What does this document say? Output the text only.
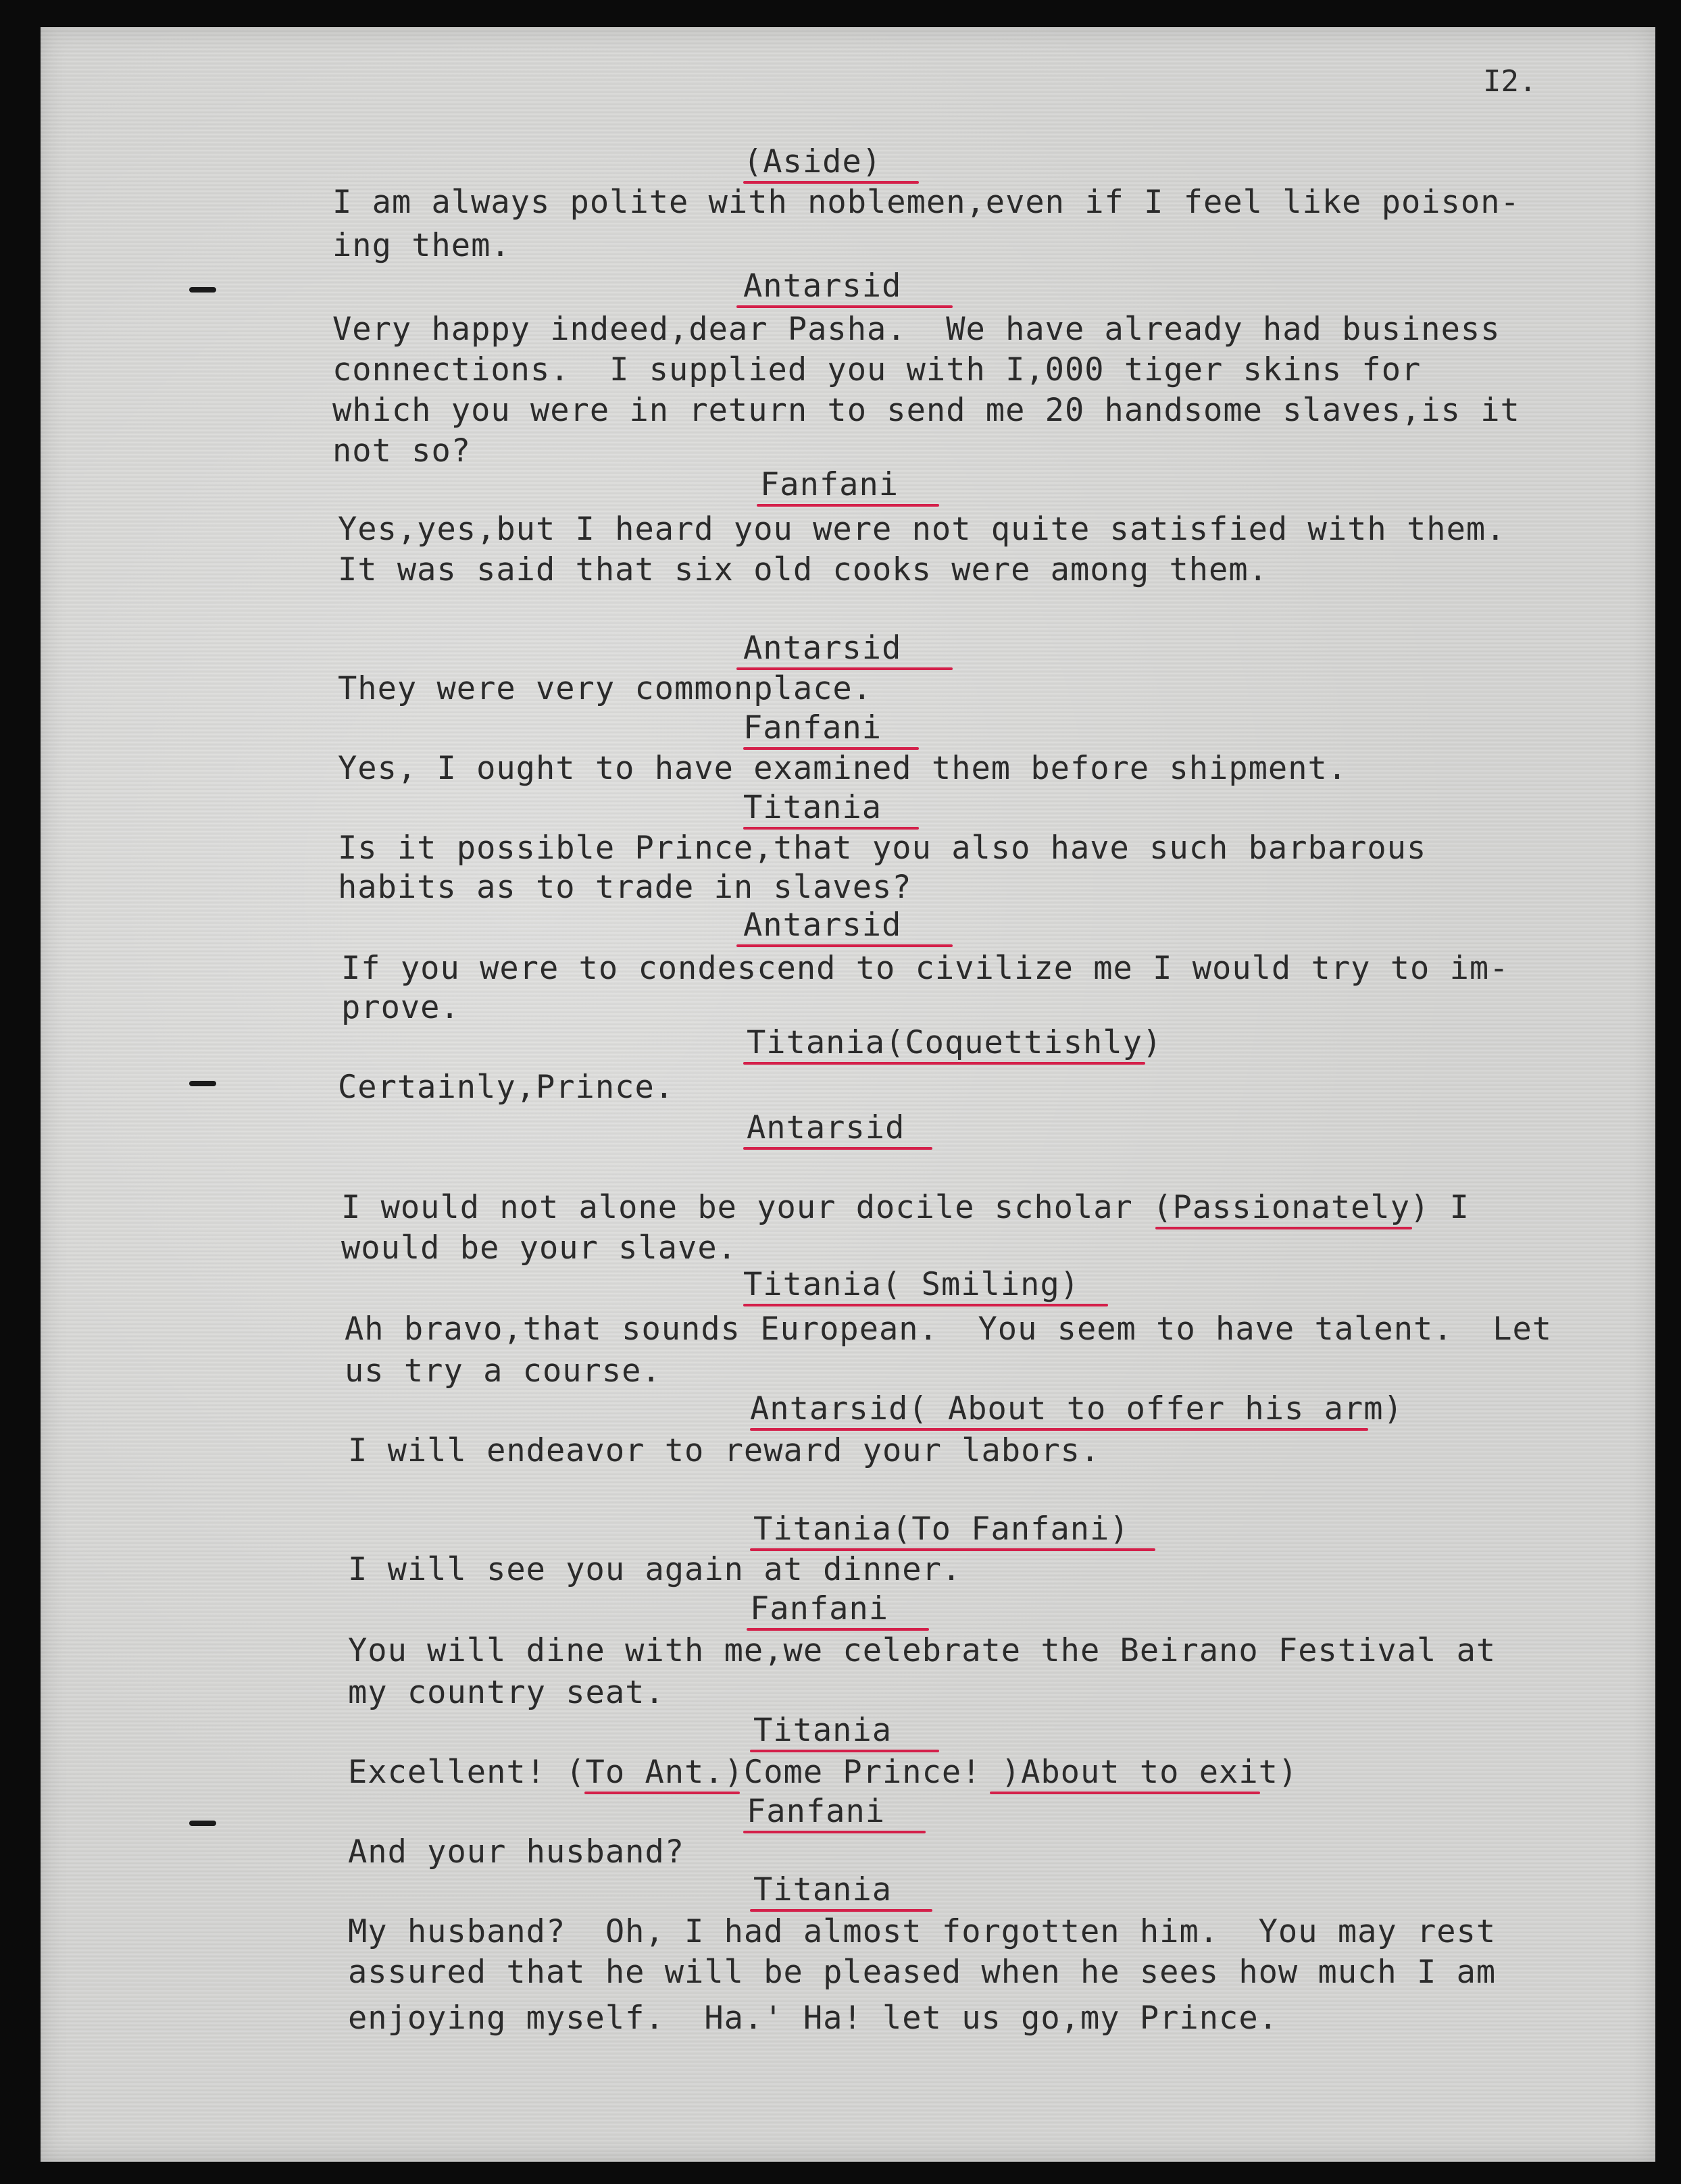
I2.
(Aside)
I am always polite with noblemen,even if I feel like poison-
ing them.
Antarsid
Very happy indeed,dear Pasha.  We have already had business
connections.  I supplied you with I,000 tiger skins for
which you were in return to send me 20 handsome slaves,is it
not so?
Fanfani
Yes,yes,but I heard you were not quite satisfied with them.
It was said that six old cooks were among them.
Antarsid
They were very commonplace.
Fanfani
Yes, I ought to have examined them before shipment.
Titania
Is it possible Prince,that you also have such barbarous
habits as to trade in slaves?
Antarsid
If you were to condescend to civilize me I would try to im-
prove.
Titania(Coquettishly)
Certainly,Prince.
Antarsid
I would not alone be your docile scholar (Passionately) I
would be your slave.
Titania( Smiling)
Ah bravo,that sounds European.  You seem to have talent.  Let
us try a course.
Antarsid( About to offer his arm)
I will endeavor to reward your labors.
Titania(To Fanfani)
I will see you again at dinner.
Fanfani
You will dine with me,we celebrate the Beirano Festival at
my country seat.
Titania
Excellent! (To Ant.)Come Prince! )About to exit)
Fanfani
And your husband?
Titania
My husband?  Oh, I had almost forgotten him.  You may rest
assured that he will be pleased when he sees how much I am
enjoying myself.  Ha.' Ha! let us go,my Prince.
